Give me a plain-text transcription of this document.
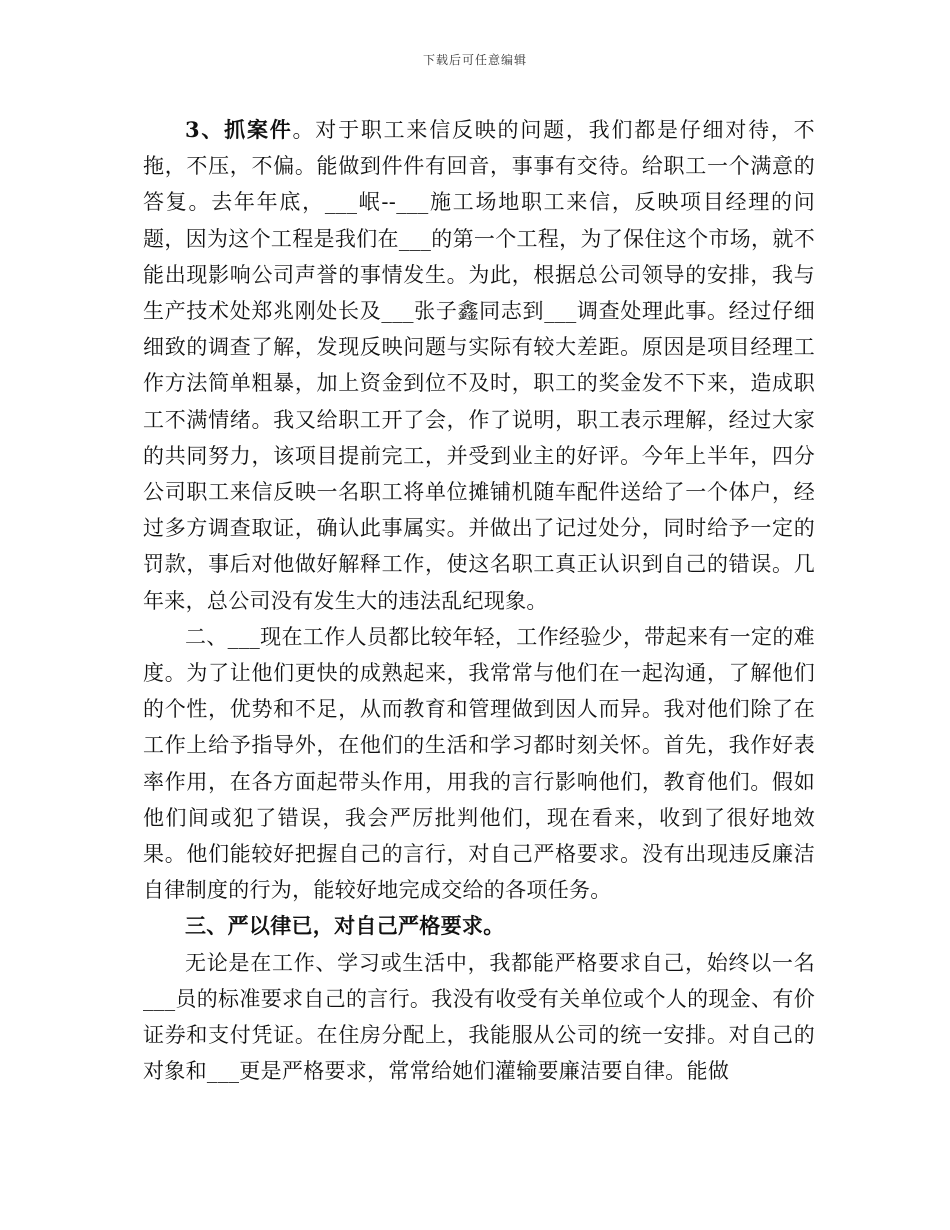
下载后可任意编辑

3、抓案件。对于职工来信反映的问题，我们都是仔细对待，不拖，不压，不偏。能做到件件有回音，事事有交待。给职工一个满意的答复。去年年底，___岷--___施工场地职工来信，反映项目经理的问题，因为这个工程是我们在___的第一个工程，为了保住这个市场，就不能出现影响公司声誉的事情发生。为此，根据总公司领导的安排，我与生产技术处郑兆刚处长及___张子鑫同志到___调查处理此事。经过仔细细致的调查了解，发现反映问题与实际有较大差距。原因是项目经理工作方法简单粗暴，加上资金到位不及时，职工的奖金发不下来，造成职工不满情绪。我又给职工开了会，作了说明，职工表示理解，经过大家的共同努力，该项目提前完工，并受到业主的好评。今年上半年，四分公司职工来信反映一名职工将单位摊铺机随车配件送给了一个体户，经过多方调查取证，确认此事属实。并做出了记过处分，同时给予一定的罚款，事后对他做好解释工作，使这名职工真正认识到自己的错误。几年来，总公司没有发生大的违法乱纪现象。

二、___现在工作人员都比较年轻，工作经验少，带起来有一定的难度。为了让他们更快的成熟起来，我常常与他们在一起沟通，了解他们的个性，优势和不足，从而教育和管理做到因人而异。我对他们除了在工作上给予指导外，在他们的生活和学习都时刻关怀。首先，我作好表率作用，在各方面起带头作用，用我的言行影响他们，教育他们。假如他们间或犯了错误，我会严厉批判他们，现在看来，收到了很好地效果。他们能较好把握自己的言行，对自己严格要求。没有出现违反廉洁自律制度的行为，能较好地完成交给的各项任务。

三、严以律已，对自己严格要求。

无论是在工作、学习或生活中，我都能严格要求自己，始终以一名___员的标准要求自己的言行。我没有收受有关单位或个人的现金、有价证券和支付凭证。在住房分配上，我能服从公司的统一安排。对自己的对象和___更是严格要求，常常给她们灌输要廉洁要自律。能做
